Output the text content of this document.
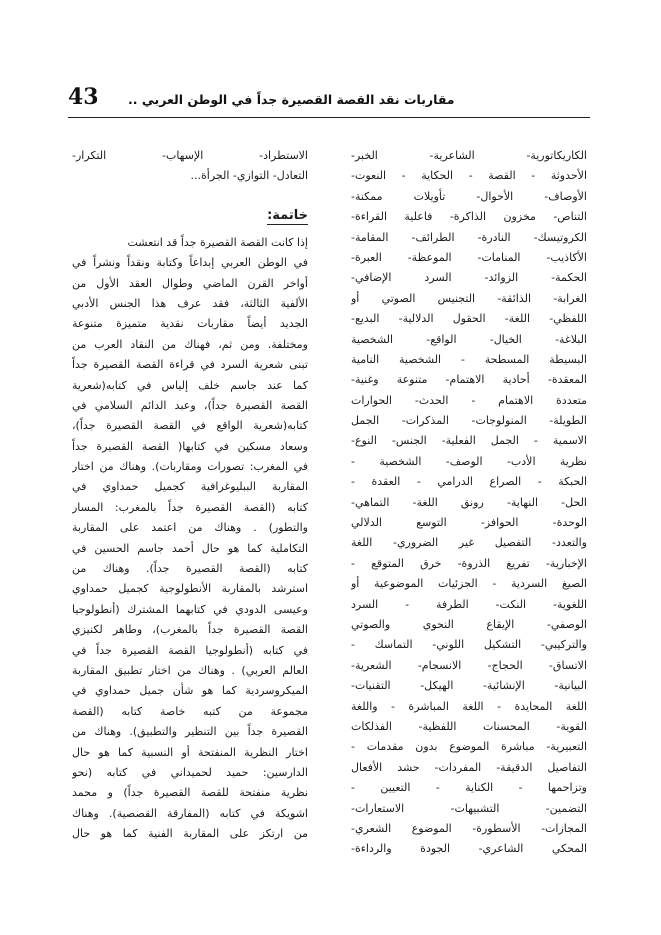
43 مقاربات نقد القصة القصيرة جداً في الوطن العربي ..
الكاريكاتورية- الشاعرية- الخبر-
الأحدوثة - القصة - الحكاية - النعوت-
الأوصاف- الأحوال- تأويلات ممكنة-
التناص- مخزون الذاكرة- فاعلية القراءة-
الكروتيسك- النادرة- الطرائف- المقامة-
الأكاذيب- المنامات- الموعظة- العبرة-
الحكمة- الزوائد- السرد الإضافي-
الغرابة- الذائقة- التجنيس الصوتي أو
اللفظي- اللغة- الحقول الدلالية- البديع-
البلاغة- الخيال- الواقع- الشخصية
البسيطة المسطحة - الشخصية النامية
المعقدة- أحادية الاهتمام- متنوعة وغنية-
متعددة الاهتمام - الحدث- الحوارات
الطويلة- المنولوجات- المذكرات- الجمل
الاسمية - الجمل الفعلية- الجنس- النوع-
نظرية الأدب- الوصف- الشخصية -
الحبكة - الصراع الدرامي - العقدة -
الحل- النهاية- رونق اللغة- التماهي-
الوحدة- الحوافز- التوسع الدلالي
والتعدد- التفصيل غير الضروري- اللغة
الإخبارية- تفريغ الذروة- خرق المتوقع -
الصيغ السردية - الجزئيات الموضوعية أو
اللغوية- النكت- الطرفة - السرد
الوصفي- الإيقاع النحوي والصوتي
والتركيبي- التشكيل اللوني- التماسك -
الاتساق- الحجاج- الانسجام- الشعرية-
البيانية- الإنشائية- الهيكل- التقنيات-
اللغة المحايدة - اللغة المباشرة - واللغة
القوية- المحسنات اللفظية- الفذلكات
التعبيرية- مباشرة الموضوع بدون مقدمات -
التفاصيل الدقيقة- المفردات- حشد الأفعال
وتزاحمها - الكناية - التعيين -
التضمين- التشبيهات- الاستعارات-
المجازات- الأسطورة- الموضوع الشعري-
المحكي الشاعري- الجودة والرداءة-
الاستطراد- الإسهاب- التكرار-
التعادل- التوازي- الجرأة...
خاتمة:
إذا كانت القصة القصيرة جداً قد انتعشت
في الوطن العربي إبداعاً وكتابة ونقداً ونشراً في
أواخر القرن الماضي وطوال العقد الأول من
الألفية الثالثة، فقد عرف هذا الجنس الأدبي
الجديد أيضاً مقاربات نقدية متميزة متنوعة
ومختلفة. ومن ثم، فهناك من النقاد العرب من
تبنى شعرية السرد في قراءة القصة القصيرة جداً
كما عند جاسم خلف إلياس في كتابه(شعرية
القصة القصيرة جداً)، وعبد الدائم السلامي في
كتابه(شعرية الواقع في القصة القصيرة جداً)،
وسعاد مسكين في كتابها( القصة القصيرة جداً
في المغرب: تصورات ومقاربات). وهناك من اختار
المقاربة الببليوغرافية كجميل حمداوي في
كتابه (القصة القصيرة جداً بالمغرب: المسار
والتطور) . وهناك من اعتمد على المقاربة
التكاملية كما هو حال أحمد جاسم الحسين في
كتابه (القصة القصيرة جداً). وهناك من
استرشد بالمقاربة الأنطولوجية كجميل حمداوي
وعيسى الدودي في كتابهما المشترك (أنطولوجيا
القصة القصيرة جداً بالمغرب)، وطاهر لكنيزي
في كتابه (أنطولوجيا القصة القصيرة جداً في
العالم العربي) . وهناك من اختار تطبيق المقاربة
الميكروسردية كما هو شأن جميل حمداوي في
مجموعة من كتبه خاصة كتابه (القصة
القصيرة جداً بين التنظير والتطبيق). وهناك من
اختار النظرية المنفتحة أو النسبية كما هو حال
الدارسين: حميد لحميداني في كتابه (نحو
نظرية منفتحة للقصة القصيرة جداً) و محمد
اشويكة في كتابه (المفارقة القصصية). وهناك
من ارتكز على المقاربة الفنية كما هو حال
